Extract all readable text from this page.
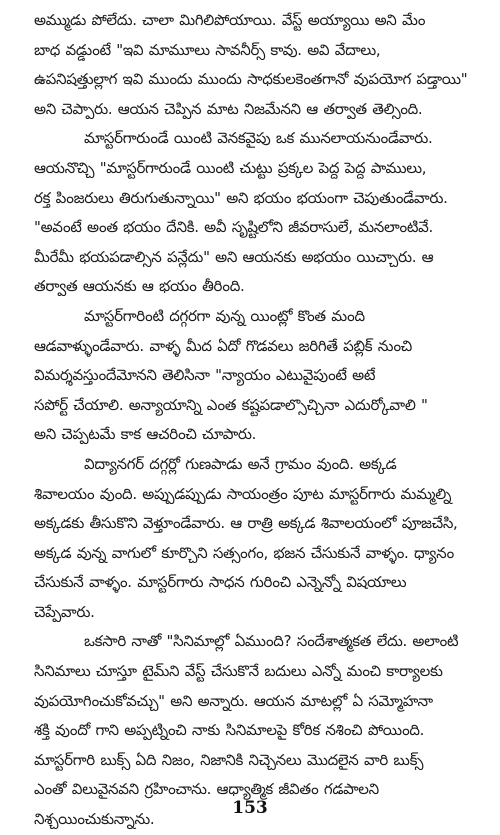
అమ్ముడు పోలేదు. చాలా మిగిలిపోయాయి. వేస్ట్ అయ్యాయి అని మేం
బాధ వడ్డుంటే "ఇవి మామూలు సావనీర్స్ కావు. అవి వేదాలు,
ఉపనిషత్తుల్లాగ ఇవి ముందు ముందు సాధకులకెంతగానో వుపయోగ పడ్తాయి"
అని చెప్పారు. ఆయన చెప్పిన మాట నిజమేనని ఆ తర్వాత తెల్సింది.
మాస్టర్‌గారుండే యింటి వెనకవైపు ఒక మునలాయనుండేవారు.
ఆయనొచ్చి "మాస్టర్‌గారుండే యింటి చుట్టు ప్రక్కల పెద్ద పెద్ద పాములు,
రక్త పింజరులు తిరుగుతున్నాయి" అని భయం భయంగా చెపుతుండేవారు.
"అవంటే అంత భయం దేనికి. అవీ సృష్టిలోని జీవరాసులే, మనలాంటివే.
మీరేమీ భయపడాల్సిన పన్లేదు" అని ఆయనకు అభయం యిచ్చారు. ఆ
తర్వాత ఆయనకు ఆ భయం తీరింది.
మాస్టర్‌గారింటి దగ్గరగా వున్న యింట్లో కొంత మంది
ఆడవాళ్ళుండేవారు. వాళ్ళ మీద ఏదో గొడవలు జరిగితే పబ్లిక్ నుంచి
విమర్శవస్తుందేమోనని తెలిసినా "న్యాయం ఎటువైపుంటే అటే
సపోర్ట్ చేయాలి. అన్యాయాన్ని ఎంత కష్టపడాల్సొచ్చినా ఎదుర్కోవాలి "
అని చెప్పటమే కాక ఆచరించి చూపారు.
విద్యానగర్ దగ్గర్లో గుణపాడు అనే గ్రామం వుంది. అక్కడ
శివాలయం వుంది. అప్పుడప్పుడు సాయంత్రం పూట మాస్టర్‌గారు మమ్మల్ని
అక్కడకు తీసుకొని వెళ్తూండేవారు. ఆ రాత్రి అక్కడ శివాలయంలో పూజచేసి,
అక్కడ వున్న వాగులో కూర్చొని సత్సంగం, భజన చేసుకునే వాళ్ళం. ధ్యానం
చేసుకునే వాళ్ళం. మాస్టర్‌గారు సాధన గురించి ఎన్నెన్నో విషయాలు
చెప్పేవారు.
ఒకసారి నాతో "సినిమాల్లో ఏముంది? సందేశాత్మకత లేదు. అలాంటి
సినిమాలు చూస్తూ టైమ్‌ని వేస్ట్ చేసుకొనే బదులు ఎన్నో మంచి కార్యాలకు
వుపయోగించుకోవచ్చు" అని అన్నారు. ఆయన మాటల్లో ఏ సమ్మోహనా
శక్తి వుందో గాని అప్పట్నించి నాకు సినిమాలపై కోరిక నశించి పోయింది.
మాస్టర్‌గారి బుక్స్ ఏది నిజం, నిజానికి నిచ్చెనలు మొదలైన వారి బుక్స్
ఎంతో విలువైనవని గ్రహించాను. ఆధ్యాత్మిక జీవితం గడపాలని
నిశ్చయించుకున్నాను.
153
